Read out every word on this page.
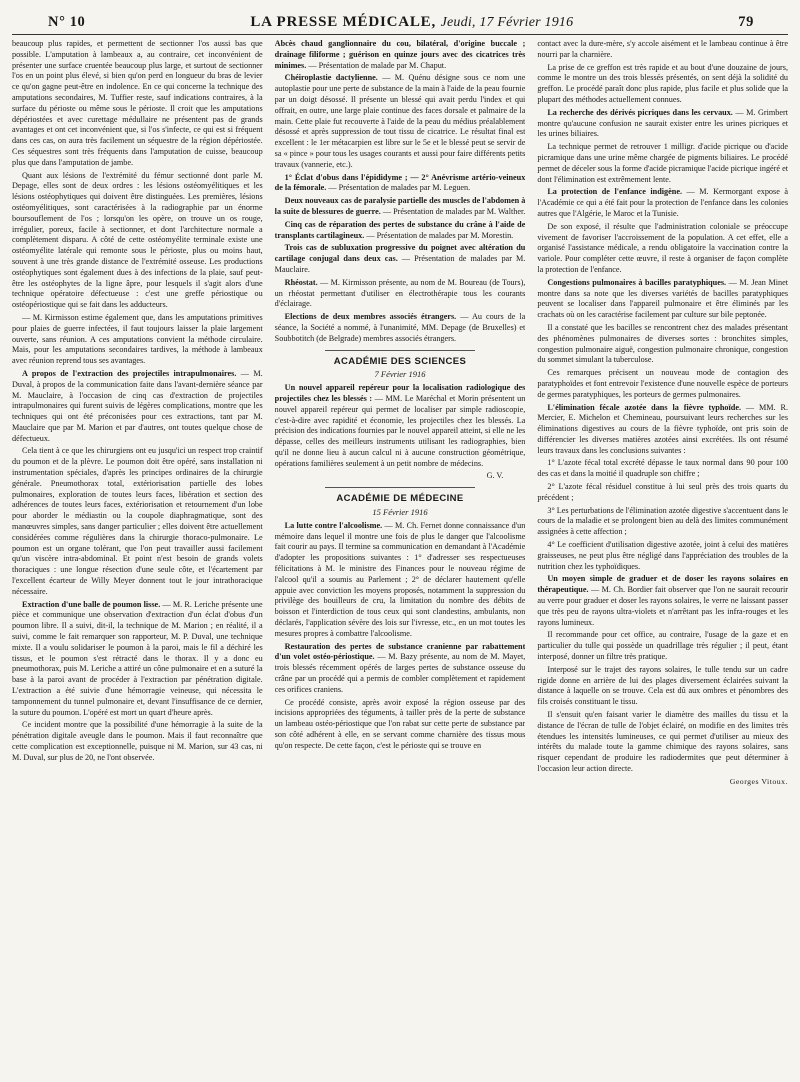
N° 10	LA PRESSE MÉDICALE, Jeudi, 17 Février 1916	79

beaucoup plus rapides, et permettent de sectionner l'os aussi bas que possible. L'amputation à lambeaux a, au contraire, cet inconvénient de présenter une surface cruentée beaucoup plus large, et surtout de sectionner l'os en un point plus élevé, si bien qu'on perd en longueur du bras de levier ce qu'on gagne peut-être en indolence. En ce qui concerne la technique des amputations secondaires, M. Tuffier reste, sauf indications contraires, à la surface du périoste ou même sous le périoste. Il croit que les amputations dépériostées et avec curettage médullaire ne présentent pas de grands avantages et ont cet inconvénient que, si l'os s'infecte, ce qui est si fréquent dans ces cas, on aura très facilement un séquestre de la région dépériostée. Ces séquestres sont très fréquents dans l'amputation de cuisse, beaucoup plus que dans l'amputation de jambe.

Quant aux lésions de l'extrémité du fémur sectionné dont parle M. Depage, elles sont de deux ordres : les lésions ostéomyélitiques et les lésions ostéophytiques qui doivent être distinguées. Les premières, lésions ostéomyélitiques, sont caractérisées à la radiographie par un énorme boursouflement de l'os ; lorsqu'on les opère, on trouve un os rouge, irrégulier, poreux, facile à sectionner, et dont l'architecture normale a complètement disparu. A côté de cette ostéomyélite terminale existe une ostéomyélite latérale qui remonte sous le périoste, plus ou moins haut, souvent à une très grande distance de l'extrémité osseuse. Les productions ostéophytiques sont également dues à des infections de la plaie, sauf peut-être les ostéophytes de la ligne âpre, pour lesquels il s'agit alors d'une technique opératoire défectueuse : c'est une greffe périostique ou ostéopériostique qui se fait dans les adducteurs.

— M. Kirmisson estime également que, dans les amputations primitives pour plaies de guerre infectées, il faut toujours laisser la plaie largement ouverte, sans réunion. A ces amputations convient la méthode circulaire. Mais, pour les amputations secondaires tardives, la méthode à lambeaux avec réunion reprend tous ses avantages.

A propos de l'extraction des projectiles intrapulmonaires. — M. Duval, à propos de la communication faite dans l'avant-dernière séance par M. Mauclaire, à l'occasion de cinq cas d'extraction de projectiles intrapulmonaires qui furent suivis de légères complications, montre que les techniques qui ont été préconisées pour ces extractions, tant par M. Mauclaire que par M. Marion et par d'autres, ont toutes quelque chose de défectueux.

Cela tient à ce que les chirurgiens ont eu jusqu'ici un respect trop craintif du poumon et de la plèvre. Le poumon doit être opéré, sans installation ni instrumentation spéciales, d'après les principes ordinaires de la chirurgie générale. Pneumothorax total, extériorisation partielle des lobes pulmonaires, exploration de toutes leurs faces, libération et section des adhérences de toutes leurs faces, extériorisation et retournement d'un lobe pour aborder le médiastin ou la coupole diaphragmatique, sont des manœuvres simples, sans danger particulier ; elles doivent être actuellement considérées comme régulières dans la chirurgie thoraco-pulmonaire. Le poumon est un organe tolérant, que l'on peut travailler aussi facilement qu'un viscère intra-abdominal. Et point n'est besoin de grands volets thoraciques : une longue résection d'une seule côte, et l'écartement par l'excellent écarteur de Willy Meyer donnent tout le jour intrathoracique nécessaire.

Extraction d'une balle de poumon lisse. — M. R. Leriche présente une pièce et communique une observation d'extraction d'un éclat d'obus d'un poumon libre. Il a suivi, dit-il, la technique de M. Marion ; en réalité, il a suivi, comme le fait remarquer son rapporteur, M. P. Duval, une technique mixte. Il a voulu solidariser le poumon à la paroi, mais le fil a déchiré les tissus, et le poumon s'est rétracté dans le thorax. Il y a donc eu pneumothorax, puis M. Leriche a attiré un cône pulmonaire et en a suturé la base à la paroi avant de procéder à l'extraction par pénétration digitale. L'extraction a été suivie d'une hémorragie veineuse, qui nécessita le tamponnement du tunnel pulmonaire et, devant l'insuffisance de ce dernier, la suture du poumon. L'opéré est mort un quart d'heure après.

Ce incident montre que la possibilité d'une hémorragie à la suite de la pénétration digitale aveugle dans le poumon. Mais il faut reconnaître que cette complication est exceptionnelle, puisque ni M. Marion, sur 43 cas, ni M. Duval, sur plus de 20, ne l'ont observée.

Abcès chaud ganglionnaire du cou, bilatéral, d'origine buccale ; drainage filiforme ; guérison en quinze jours avec des cicatrices très minimes. — Présentation de malade par M. Chaput.

Chéiroplastie dactylienne. — M. Quénu désigne sous ce nom une autoplastie pour une perte de substance de la main à l'aide de la peau fournie par un doigt désossé. Il présente un blessé qui avait perdu l'index et qui offrait, en outre, une large plaie continue des faces dorsale et palmaire de la main. Cette plaie fut recouverte à l'aide de la peau du médius préalablement désossé et après suppression de tout tissu de cicatrice. Le résultat final est excellent : le 1er métacarpien est libre sur le 5e et le blessé peut se servir de sa « pince » pour tous les usages courants et aussi pour faire différents petits travaux (vannerie, etc.).

1° Éclat d'obus dans l'épididyme ; — 2° Anévrisme artério-veineux de la fémorale. — Présentation de malades par M. Leguen.

Deux nouveaux cas de paralysie partielle des muscles de l'abdomen à la suite de blessures de guerre. — Présentation de malades par M. Walther.

Cinq cas de réparation des pertes de substance du crâne à l'aide de transplants cartilagineux. — Présentation de malades par M. Morestin.

Trois cas de subluxation progressive du poignet avec altération du cartilage conjugal dans deux cas. — Présentation de malades par M. Mauclaire.

Rhéostat. — M. Kirmisson présente, au nom de M. Boureau (de Tours), un rhéostat permettant d'utiliser en électrothérapie tous les courants d'éclairage.

Elections de deux membres associés étrangers. — Au cours de la séance, la Société a nommé, à l'unanimité, MM. Depage (de Bruxelles) et Soubbotitch (de Belgrade) membres associés étrangers.

ACADÉMIE DES SCIENCES
7 Février 1916

Un nouvel appareil repéreur pour la localisation radiologique des projectiles chez les blessés : — MM. Le Maréchal et Morin présentent un nouvel appareil repéreur qui permet de localiser par simple radioscopie, c'est-à-dire avec rapidité et économie, les projectiles chez les blessés. La précision des indications fournies par le nouvel appareil atteint, si elle ne les dépasse, celles des meilleurs instruments utilisant les radiographies, bien qu'il ne donne lieu à aucun calcul ni à aucune construction géométrique, opérations familières seulement à un petit nombre de médecins.

G. V.
ACADÉMIE DE MÉDECINE
15 Février 1916

La lutte contre l'alcoolisme. — M. Ch. Fernet donne connaissance d'un mémoire dans lequel il montre une fois de plus le danger que l'alcoolisme fait courir au pays. Il termine sa communication en demandant à l'Académie d'adopter les propositions suivantes : 1° d'adresser ses respectueuses félicitations à M. le ministre des Finances pour le nouveau régime de l'alcool qu'il a soumis au Parlement ; 2° de déclarer hautement qu'elle appuie avec conviction les moyens proposés, notamment la suppression du privilège des bouilleurs de cru, la limitation du nombre des débits de boisson et l'interdiction de tous ceux qui sont clandestins, ambulants, non déclarés, l'application sévère des lois sur l'ivresse, etc., en un mot toutes les mesures propres à combattre l'alcoolisme.

Restauration des pertes de substance cranienne par rabattement d'un volet ostéo-périostique. — M. Bazy présente, au nom de M. Mayet, trois blessés récemment opérés de larges pertes de substance osseuse du crâne par un procédé qui a permis de combler complètement et rapidement ces orifices craniens.

Ce procédé consiste, après avoir exposé la région osseuse par des incisions appropriées des téguments, à tailler près de la perte de substance un lambeau ostéo-périostique que l'on rabat sur cette perte de substance par son côté adhérent à elle, en se servant comme charnière des tissus mous qu'on respecte. De cette façon, c'est le périoste qui se trouve en

contact avec la dure-mère, s'y accole aisément et le lambeau continue à être nourri par la charnière.

La prise de ce greffon est très rapide et au bout d'une douzaine de jours, comme le montre un des trois blessés présentés, on sent déjà la solidité du greffon. Le procédé paraît donc plus rapide, plus facile et plus solide que la plupart des méthodes actuellement connues.

La recherche des dérivés picriques dans les cervaux. — M. Grimbert montre qu'aucune confusion ne saurait exister entre les urines picriques et les urines biliaires.

La technique permet de retrouver 1 milligr. d'acide picrique ou d'acide picramique dans une urine même chargée de pigments biliaires. Le procédé permet de déceler sous la forme d'acide picramique l'acide picrique ingéré et dont l'élimination est extrêmement lente.

La protection de l'enfance indigène. — M. Kermorgant expose à l'Académie ce qui a été fait pour la protection de l'enfance dans les colonies autres que l'Algérie, le Maroc et la Tunisie.

De son exposé, il résulte que l'administration coloniale se préoccupe vivement de favoriser l'accroissement de la population. A cet effet, elle a organisé l'assistance médicale, a rendu obligatoire la vaccination contre la variole. Pour compléter cette œuvre, il reste à organiser de façon complète la protection de l'enfance.

Congestions pulmonaires à bacilles paratyphiques. — M. Jean Minet montre dans sa note que les diverses variétés de bacilles paratyphiques peuvent se localiser dans l'appareil pulmonaire et être éliminés par les crachats où on les caractérise facilement par culture sur bile peptonée.

Il a constaté que les bacilles se rencontrent chez des malades présentant des phénomènes pulmonaires de diverses sortes : bronchites simples, congestion pulmonaire aiguë, congestion pulmonaire chronique, congestion du sommet simulant la tuberculose.

Ces remarques précisent un nouveau mode de contagion des paratyphoïdes et font entrevoir l'existence d'une nouvelle espèce de porteurs de germes paratyphiques, les porteurs de germes pulmonaires.

L'élimination fécale azotée dans la fièvre typhoïde. — MM. R. Mercier, E. Michelon et Chemineau, poursuivant leurs recherches sur les éliminations digestives au cours de la fièvre typhoïde, ont pris soin de différencier les diverses matières azotées ainsi excrétées. Ils ont résumé leurs travaux dans les conclusions suivantes :

1° L'azote fécal total excrété dépasse le taux normal dans 90 pour 100 des cas et dans la moitié il quadruple son chiffre ;

2° L'azote fécal résiduel constitue à lui seul près des trois quarts du précédent ;

3° Les perturbations de l'élimination azotée digestive s'accentuent dans le cours de la maladie et se prolongent bien au delà des limites communément assignées à cette affection ;

4° Le coefficient d'utilisation digestive azotée, joint à celui des matières graisseuses, ne peut plus être négligé dans l'appréciation des troubles de la nutrition chez les typhoïdiques.

Un moyen simple de graduer et de doser les rayons solaires en thérapeutique. — M. Ch. Bordier fait observer que l'on ne saurait recourir au verre pour graduer et doser les rayons solaires, le verre ne laissant passer que très peu de rayons ultra-violets et n'arrêtant pas les infra-rouges et les rayons lumineux.

Il recommande pour cet office, au contraire, l'usage de la gaze et en particulier du tulle qui possède un quadrillage très régulier ; il peut, étant interposé, donner un filtre très pratique.

Interposé sur le trajet des rayons solaires, le tulle tendu sur un cadre rigide donne en arrière de lui des plages diversement éclairées suivant la distance à laquelle on se trouve. Cela est dû aux ombres et pénombres des fils croisés constituant le tissu.

Il s'ensuit qu'en faisant varier le diamètre des mailles du tissu et la distance de l'écran de tulle de l'objet éclairé, on modifie en des limites très étendues les intensités lumineuses, ce qui permet d'utiliser au mieux des intérêts du malade toute la gamme chimique des rayons solaires, sans risquer cependant de produire les radiodermites que peut déterminer à l'occasion leur action directe.

Georges Vitoux.
